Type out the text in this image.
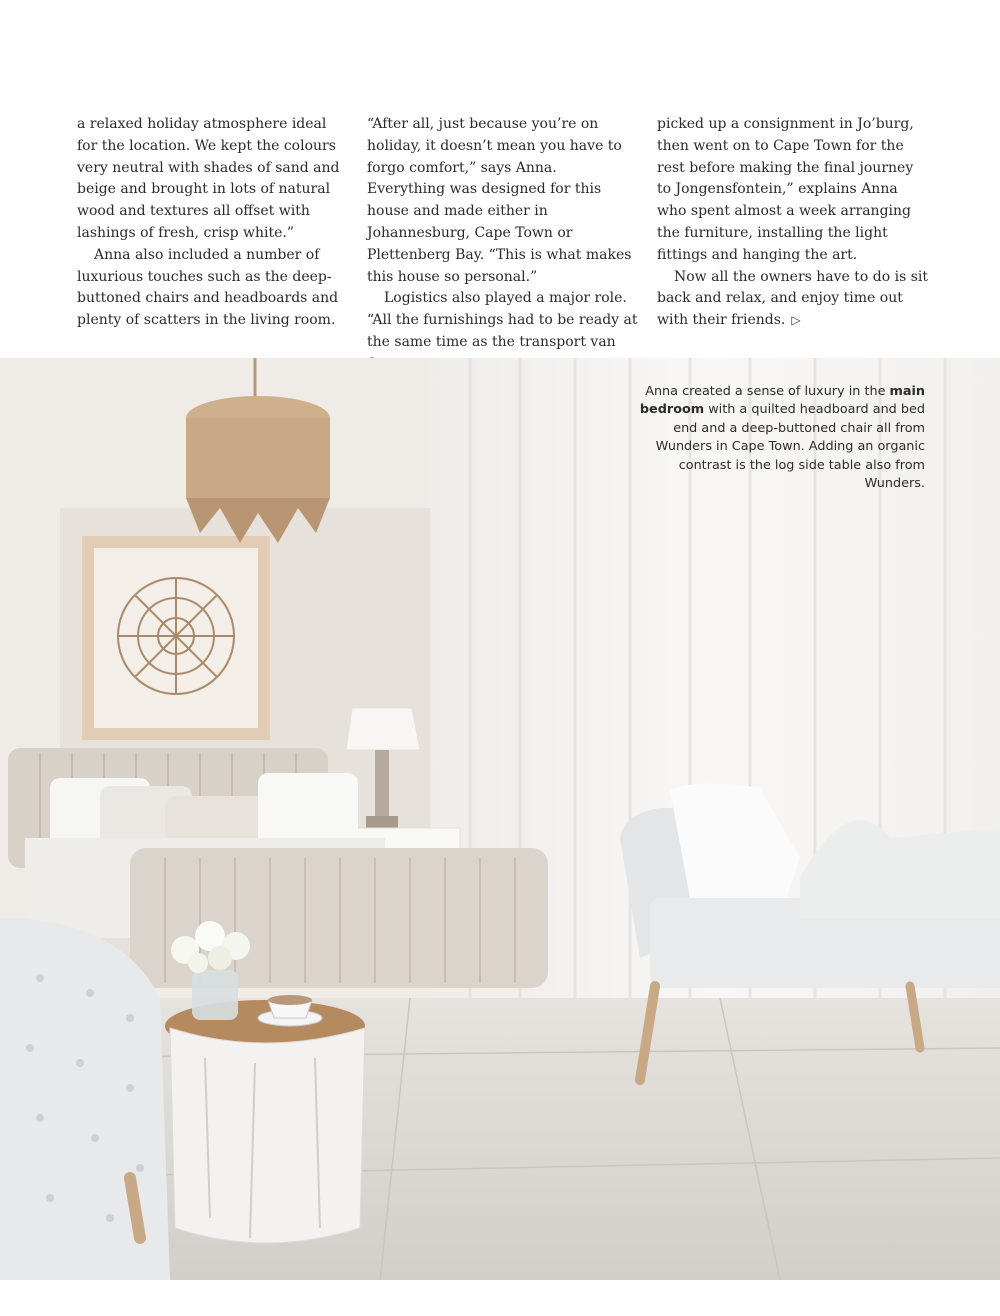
a relaxed holiday atmosphere ideal for the location. We kept the colours very neutral with shades of sand and beige and brought in lots of natural wood and textures all offset with lashings of fresh, crisp white.”

Anna also included a number of luxurious touches such as the deep-buttoned chairs and headboards and plenty of scatters in the living room.

“After all, just because you’re on holiday, it doesn’t mean you have to forgo comfort,” says Anna. Everything was designed for this house and made either in Johannesburg, Cape Town or Plettenberg Bay. “This is what makes this house so personal.”

Logistics also played a major role. “All the furnishings had to be ready at the same time as the transport van

picked up a consignment in Jo’burg, then went on to Cape Town for the rest before making the final journey to Jongensfontein,” explains Anna who spent almost a week arranging the furniture, installing the light fittings and hanging the art.

Now all the owners have to do is sit back and relax, and enjoy time out with their friends. ▷

Anna created a sense of luxury in the main bedroom with a quilted headboard and bed end and a deep-buttoned chair all from Wunders in Cape Town. Adding an organic contrast is the log side table also from Wunders.
